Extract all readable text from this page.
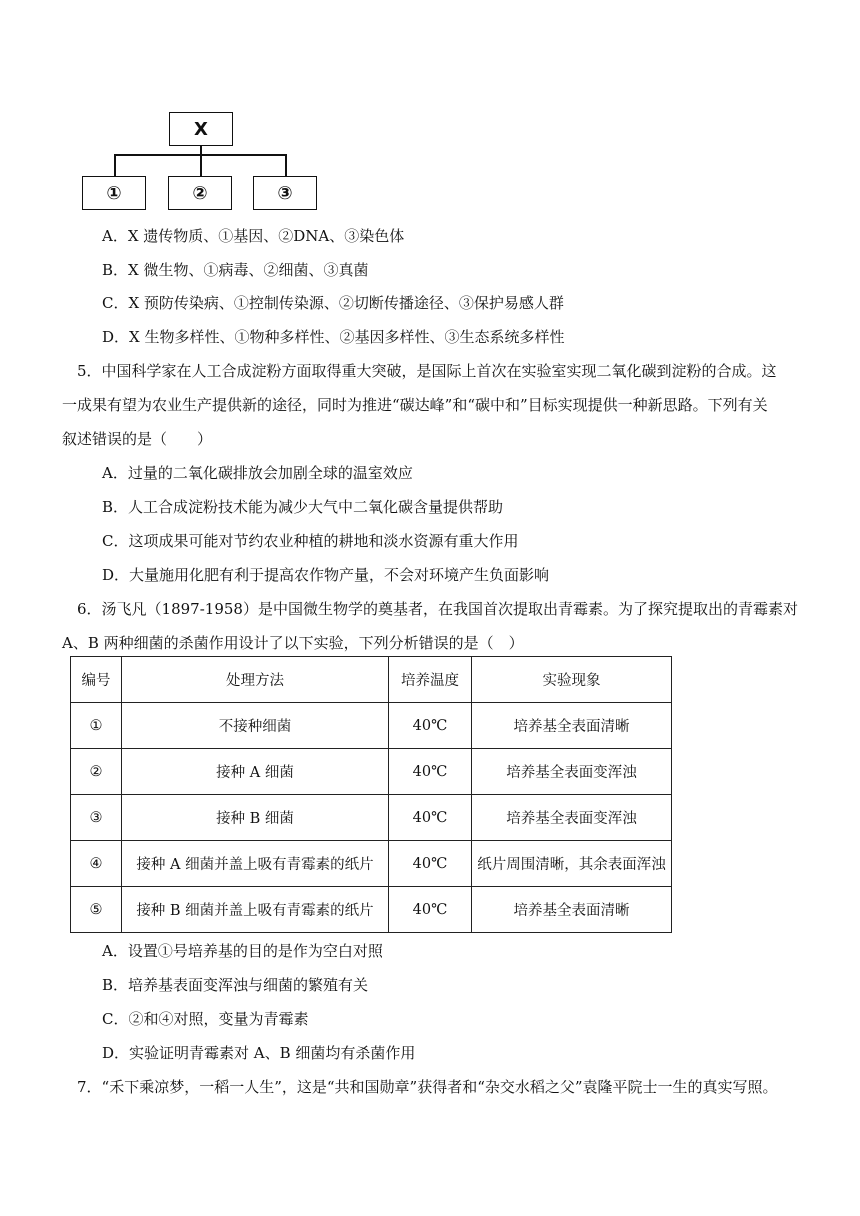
X
①	②	③
A．X 遗传物质、①基因、②DNA、③染色体
B．X 微生物、①病毒、②细菌、③真菌
C．X 预防传染病、①控制传染源、②切断传播途径、③保护易感人群
D．X 生物多样性、①物种多样性、②基因多样性、③生态系统多样性
5．中国科学家在人工合成淀粉方面取得重大突破，是国际上首次在实验室实现二氧化碳到淀粉的合成。这
一成果有望为农业生产提供新的途径，同时为推进“碳达峰”和“碳中和”目标实现提供一种新思路。下列有关
叙述错误的是（　　）
A．过量的二氧化碳排放会加剧全球的温室效应
B．人工合成淀粉技术能为减少大气中二氧化碳含量提供帮助
C．这项成果可能对节约农业种植的耕地和淡水资源有重大作用
D．大量施用化肥有利于提高农作物产量，不会对环境产生负面影响
6．汤飞凡（1897-1958）是中国微生物学的奠基者，在我国首次提取出青霉素。为了探究提取出的青霉素对
A、B 两种细菌的杀菌作用设计了以下实验，下列分析错误的是（　）
编号	处理方法	培养温度	实验现象
①	不接种细菌	40℃	培养基全表面清晰
②	接种 A 细菌	40℃	培养基全表面变浑浊
③	接种 B 细菌	40℃	培养基全表面变浑浊
④	接种 A 细菌并盖上吸有青霉素的纸片	40℃	纸片周围清晰，其余表面浑浊
⑤	接种 B 细菌并盖上吸有青霉素的纸片	40℃	培养基全表面清晰
A．设置①号培养基的目的是作为空白对照
B．培养基表面变浑浊与细菌的繁殖有关
C．②和④对照，变量为青霉素
D．实验证明青霉素对 A、B 细菌均有杀菌作用
7．“禾下乘凉梦，一稻一人生”，这是“共和国勋章”获得者和“杂交水稻之父”袁隆平院士一生的真实写照。
